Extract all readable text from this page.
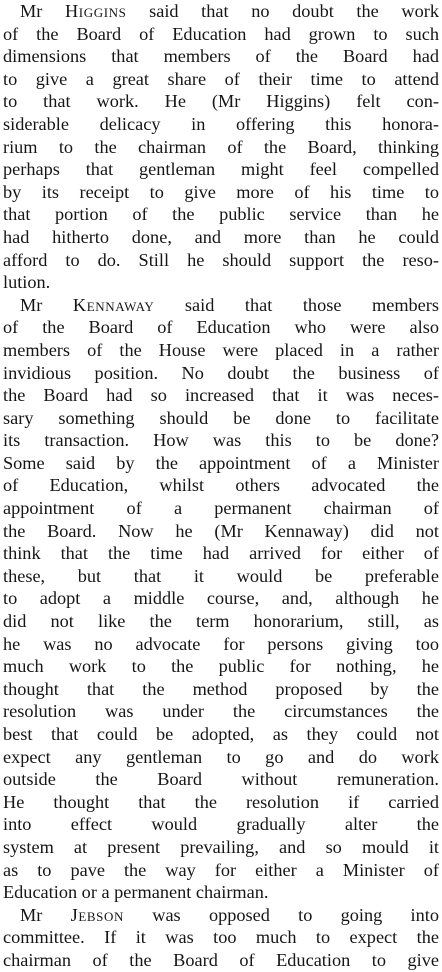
Mr Higgins said that no doubt the work
of the Board of Education had grown to such
dimensions that members of the Board had
to give a great share of their time to attend
to that work. He (Mr Higgins) felt con-
siderable delicacy in offering this honora-
rium to the chairman of the Board, thinking
perhaps that gentleman might feel compelled
by its receipt to give more of his time to
that portion of the public service than he
had hitherto done, and more than he could
afford to do. Still he should support the reso-
lution.

Mr Kennaway said that those members
of the Board of Education who were also
members of the House were placed in a rather
invidious position. No doubt the business of
the Board had so increased that it was neces-
sary something should be done to facilitate
its transaction. How was this to be done?
Some said by the appointment of a Minister
of Education, whilst others advocated the
appointment of a permanent chairman of
the Board. Now he (Mr Kennaway) did not
think that the time had arrived for either of
these, but that it would be preferable
to adopt a middle course, and, although he
did not like the term honorarium, still, as
he was no advocate for persons giving too
much work to the public for nothing, he
thought that the method proposed by the
resolution was under the circumstances the
best that could be adopted, as they could not
expect any gentleman to go and do work
outside the Board without remuneration.
He thought that the resolution if carried
into effect would gradually alter the
system at present prevailing, and so mould it
as to pave the way for either a Minister of
Education or a permanent chairman.

Mr Jebson was opposed to going into
committee. If it was too much to expect the
chairman of the Board of Education to give
